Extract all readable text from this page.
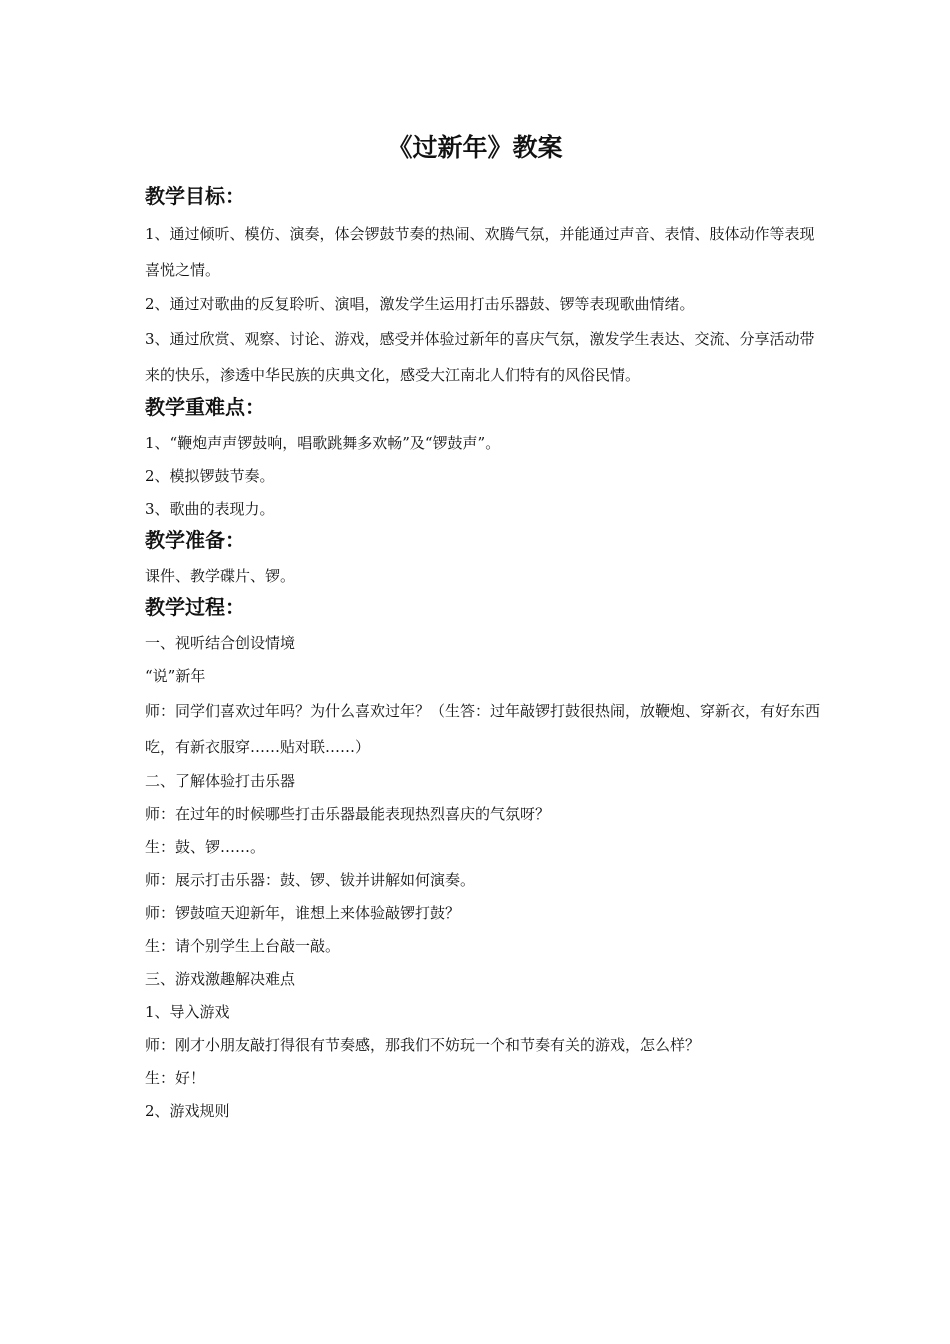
《过新年》教案
教学目标：

1、通过倾听、模仿、演奏，体会锣鼓节奏的热闹、欢腾气氛，并能通过声音、表情、肢体动作等表现喜悦之情。

2、通过对歌曲的反复聆听、演唱，激发学生运用打击乐器鼓、锣等表现歌曲情绪。

3、通过欣赏、观察、讨论、游戏，感受并体验过新年的喜庆气氛，激发学生表达、交流、分享活动带来的快乐，渗透中华民族的庆典文化，感受大江南北人们特有的风俗民情。

教学重难点：

1、“鞭炮声声锣鼓响，唱歌跳舞多欢畅”及“锣鼓声”。

2、模拟锣鼓节奏。

3、歌曲的表现力。

教学准备：

课件、教学碟片、锣。

教学过程：

一、视听结合创设情境

“说”新年

师：同学们喜欢过年吗？为什么喜欢过年？（生答：过年敲锣打鼓很热闹，放鞭炮、穿新衣，有好东西吃，有新衣服穿……贴对联……）

二、了解体验打击乐器

师：在过年的时候哪些打击乐器最能表现热烈喜庆的气氛呀？

生：鼓、锣……。

师：展示打击乐器：鼓、锣、钹并讲解如何演奏。

师：锣鼓喧天迎新年，谁想上来体验敲锣打鼓？

生：请个别学生上台敲一敲。

三、游戏激趣解决难点

1、导入游戏

师：刚才小朋友敲打得很有节奏感，那我们不妨玩一个和节奏有关的游戏，怎么样？

生：好！

2、游戏规则
